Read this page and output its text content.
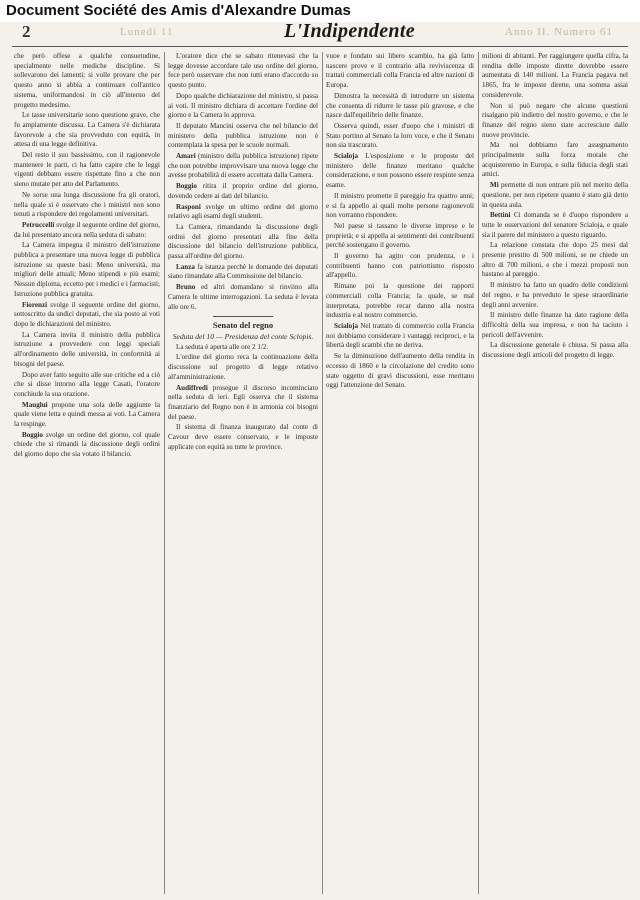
Document Société des Amis d'Alexandre Dumas
2	Lunedì 11	L'Indipendente	Anno II. Numero 61

che però offese a qualche consuetudine, specialmente nelle mediche discipline. Si sollevarono dei lamenti; si volle provare che per questo anno si abbia a continuare coll'antico sistema, uniformandosi in ciò all'interno del progetto medesimo.

Le tasse universitarie sono questione grave, che fu ampiamente discussa. La Camera s'è dichiarata favorevole a che sia provveduto con equità, in attesa di una legge definitiva.

Del resto il suo bassissimo, con il ragionevole mantenere le parti, ci ha fatto capire che le leggi vigenti debbano essere rispettate fino a che non sieno mutate per atto del Parlamento.

Ne sorse una lunga discussione fra gli oratori, nella quale si è osservato che i ministri non sono tenuti a rispondere dei regolamenti universitari.

Petruccelli svolge il seguente ordine del giorno, da lui presentato ancora nella seduta di sabato:

La Camera impegna il ministro dell'istruzione pubblica a presentare una nuova legge di pubblica istruzione su queste basi: Meno università, ma migliori delle attuali; Meno stipendi e più esami; Nessun diploma, eccetto per i medici e i farmacisti; Istruzione pubblica gratuita.

Fiorenzi svolge il seguente ordine del giorno, sottoscritto da undici deputati, che sia posto ai voti dopo le dichiarazioni del ministro.

La Camera invita il ministro della pubblica istruzione a provvedere con leggi speciali all'ordinamento delle università, in conformità ai bisogni del paese.

Dopo aver fatto seguito alle sue critiche ed a ciò che si disse intorno alla legge Casati, l'oratore conchiude la sua orazione.

Mauglui propone una sola delle aggiunte la quale viene letta e quindi messa ai voti. La Camera la respinge.

Boggio svolge un ordine del giorno, col quale chiede che si rimandi la discussione degli ordini del giorno dopo che sia votato il bilancio.

L'oratore dice che se sabato ritenevasi che la legge dovesse accordare tale uso ordine del giorno, fece però osservare che non tutti erano d'accordo su questo punto.

Dopo qualche dichiarazione del ministro, si passa ai voti. Il ministro dichiara di accettare l'ordine del giorno e la Camera lo approva.

Il deputato Mancini osserva che nel bilancio del ministero della pubblica istruzione non è contemplata la spesa per le scuole normali.

Amari (ministro della pubblica istruzione) ripete che non potrebbe improvvisare una nuova legge che avesse probabilità di essere accettata dalla Camera.

Boggio ritira il proprio ordine del giorno, dovendo cedere ai dati del bilancio.

Rasponi svolge un ultimo ordine del giorno relativo agli esami degli studenti.

La Camera, rimandando la discussione degli ordini del giorno presentati alla fine della discussione del bilancio dell'istruzione pubblica, passa all'ordine del giorno.

Lanza fa istanza perchè le domande dei deputati siano rimandate alla Commissione del bilancio.

Bruno ed altri domandano si rinviino alla Camera le ultime interrogazioni. La seduta è levata alle ore 6.

Senato del regno

Seduta del 10 — Presidenza del conte Sclopis.

La seduta è aperta alle ore 2 1/2.

L'ordine del giorno reca la continuazione della discussione sul progetto di legge relativo all'amministrazione.

Audiffredi prosegue il discorso incominciato nella seduta di ieri. Egli osserva che il sistema finanziario del Regno non è in armonia coi bisogni del paese.

Il sistema di finanza inaugurato dal conte di Cavour deve essere conservato, e le imposte applicate con equità su tutte le province.

vuoe e fondato sui libero scambio, ha già fatto nascere prove e il contrario alla reviviscenza di trattati commerciali colla Francia ed altre nazioni di Europa.

Dimostra la necessità di introdurre un sistema che consenta di ridurre le tasse più gravose, e che nasce dall'equilibrio delle finanze.

Osserva quindi, esser d'uopo che i ministri di Stato portino al Senato la loro voce, e che il Senato non sia trascurato.

Scialoja L'esposizione e le proposte del ministero delle finanze meritano qualche considerazione, e non possono essere respinte senza esame.

Il ministro promette il pareggio fra quattro anni; e si fa appello ai quali molte persone ragionevoli non vorranno rispondere.

Nel paese si tassano le diverse imprese e le proprietà; e si appella ai sentimenti dei contribuenti perchè sostengano il governo.

Il governo ha agito con prudenza, e i contribuenti hanno con patriottismo risposto all'appello.

Rimane poi la questione dei rapporti commerciali colla Francia; la quale, se mal interpretata, potrebbe recar danno alla nostra industria e al nostro commercio.

Scialoja Nel trattato di commercio colla Francia noi dobbiamo considerare i vantaggi reciproci, e la libertà degli scambi che ne deriva.

Se la diminuzione dell'aumento della rendita in eccesso di 1860 e la circolazione del credito sono state oggetto di gravi discussioni, esse meritano oggi l'attenzione del Senato.

milioni di abitanti. Per raggiungere quella cifra, la rendita delle imposte dirette dovrebbe essere aumentata di 140 milioni. La Francia pagava nel 1865, fra le imposte dirette, una somma assai considerevole.

Non si può negare che alcune questioni risalgano più indietro del nostro governo, e che le finanze del regno sieno state accresciute dalle nuove provincie.

Ma noi dobbiamo fare assegnamento principalmente sulla forza morale che acquisteremo in Europa, e sulla fiducia degli stati amici.

Mi permette di non entrare più nel merito della questione, per non ripetere quanto è stato già detto in questa aula.

Bettini Ci domanda se è d'uopo rispondere a tutte le osservazioni del senatore Scialoja, e quale sia il parere del ministero a questo riguardo.

La relazione constata che dopo 25 mesi dal presente prestito di 500 milioni, se ne chiede un altro di 700 milioni, e che i mezzi proposti non bastano al pareggio.

Il ministro ha fatto un quadro delle condizioni del regno, e ha preveduto le spese straordinarie degli anni avvenire.

Il ministro delle finanze ha dato ragione della difficoltà della sua impresa, e non ha taciuto i pericoli dell'avvenire.

La discussione generale è chiusa. Si passa alla discussione degli articoli del progetto di legge.
